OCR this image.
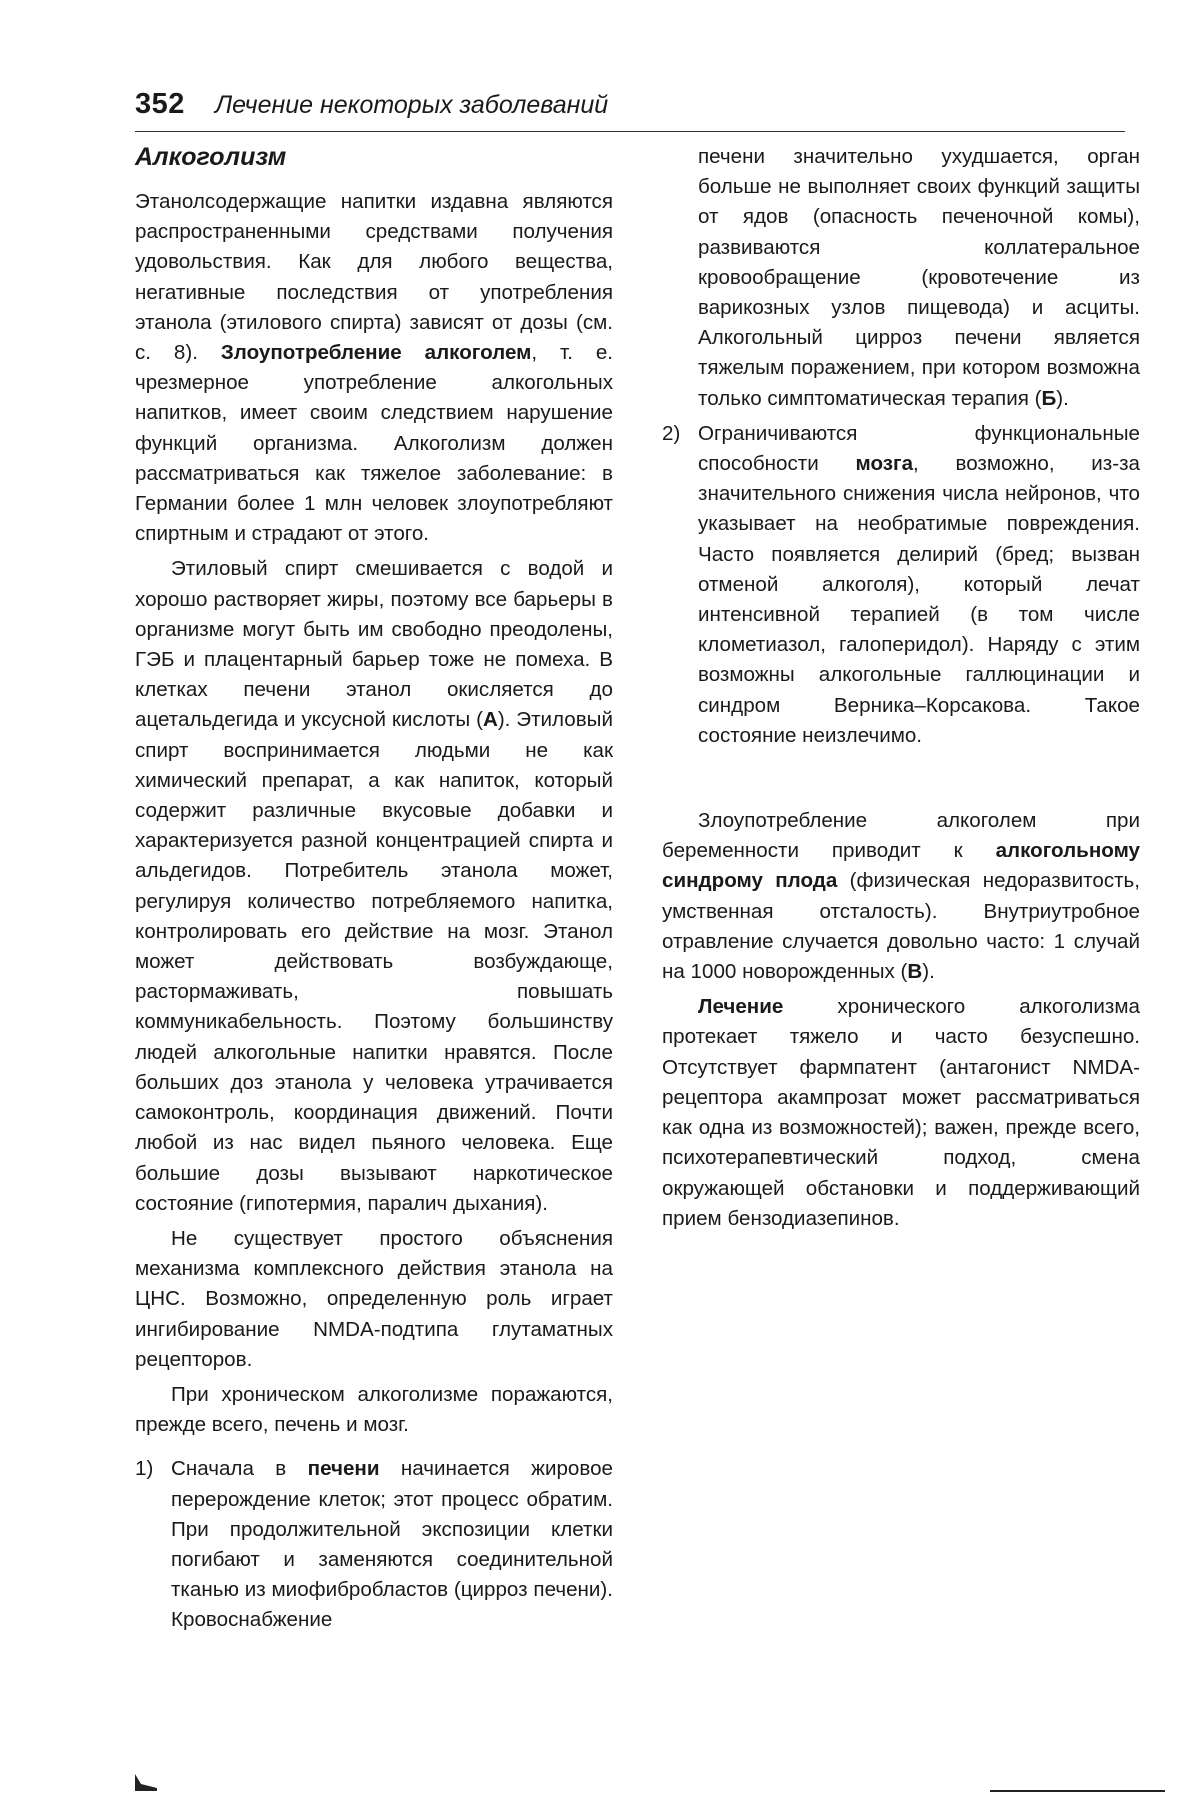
352 Лечение некоторых заболеваний
Алкоголизм

Этанолсодержащие напитки издавна являются распространенными средствами получения удовольствия. Как для любого вещества, негативные последствия от употребления этанола (этилового спирта) зависят от дозы (см. с. 8). Злоупотребление алкоголем, т. е. чрезмерное употребление алкогольных напитков, имеет своим следствием нарушение функций организма. Алкоголизм должен рассматриваться как тяжелое заболевание: в Германии более 1 млн человек злоупотребляют спиртным и страдают от этого.

Этиловый спирт смешивается с водой и хорошо растворяет жиры, поэтому все барьеры в организме могут быть им свободно преодолены, ГЭБ и плацентарный барьер тоже не помеха. В клетках печени этанол окисляется до ацетальдегида и уксусной кислоты (А). Этиловый спирт воспринимается людьми не как химический препарат, а как напиток, который содержит различные вкусовые добавки и характеризуется разной концентрацией спирта и альдегидов. Потребитель этанола может, регулируя количество потребляемого напитка, контролировать его действие на мозг. Этанол может действовать возбуждающе, растормаживать, повышать коммуникабельность. Поэтому большинству людей алкогольные напитки нравятся. После больших доз этанола у человека утрачивается самоконтроль, координация движений. Почти любой из нас видел пьяного человека. Еще большие дозы вызывают наркотическое состояние (гипотермия, паралич дыхания).

Не существует простого объяснения механизма комплексного действия этанола на ЦНС. Возможно, определенную роль играет ингибирование NMDA-подтипа глутаматных рецепторов.

При хроническом алкоголизме поражаются, прежде всего, печень и мозг.

1) Сначала в печени начинается жировое перерождение клеток; этот процесс обратим. При продолжительной экспозиции клетки погибают и заменяются соединительной тканью из миофибробластов (цирроз печени). Кровоснабжение
печени значительно ухудшается, орган больше не выполняет своих функций защиты от ядов (опасность печеночной комы), развиваются коллатеральное кровообращение (кровотечение из варикозных узлов пищевода) и асциты. Алкогольный цирроз печени является тяжелым поражением, при котором возможна только симптоматическая терапия (Б).
2) Ограничиваются функциональные способности мозга, возможно, из-за значительного снижения числа нейронов, что указывает на необратимые повреждения. Часто появляется делирий (бред; вызван отменой алкоголя), который лечат интенсивной терапией (в том числе клометиазол, галоперидол). Наряду с этим возможны алкогольные галлюцинации и синдром Верника–Корсакова. Такое состояние неизлечимо.

Злоупотребление алкоголем при беременности приводит к алкогольному синдрому плода (физическая недоразвитость, умственная отсталость). Внутриутробное отравление случается довольно часто: 1 случай на 1000 новорожденных (В).

Лечение хронического алкоголизма протекает тяжело и часто безуспешно. Отсутствует фармпатент (антагонист NMDA-рецептора акампрозат может рассматриваться как одна из возможностей); важен, прежде всего, психотерапевтический подход, смена окружающей обстановки и поддерживающий прием бензодиазепинов.
